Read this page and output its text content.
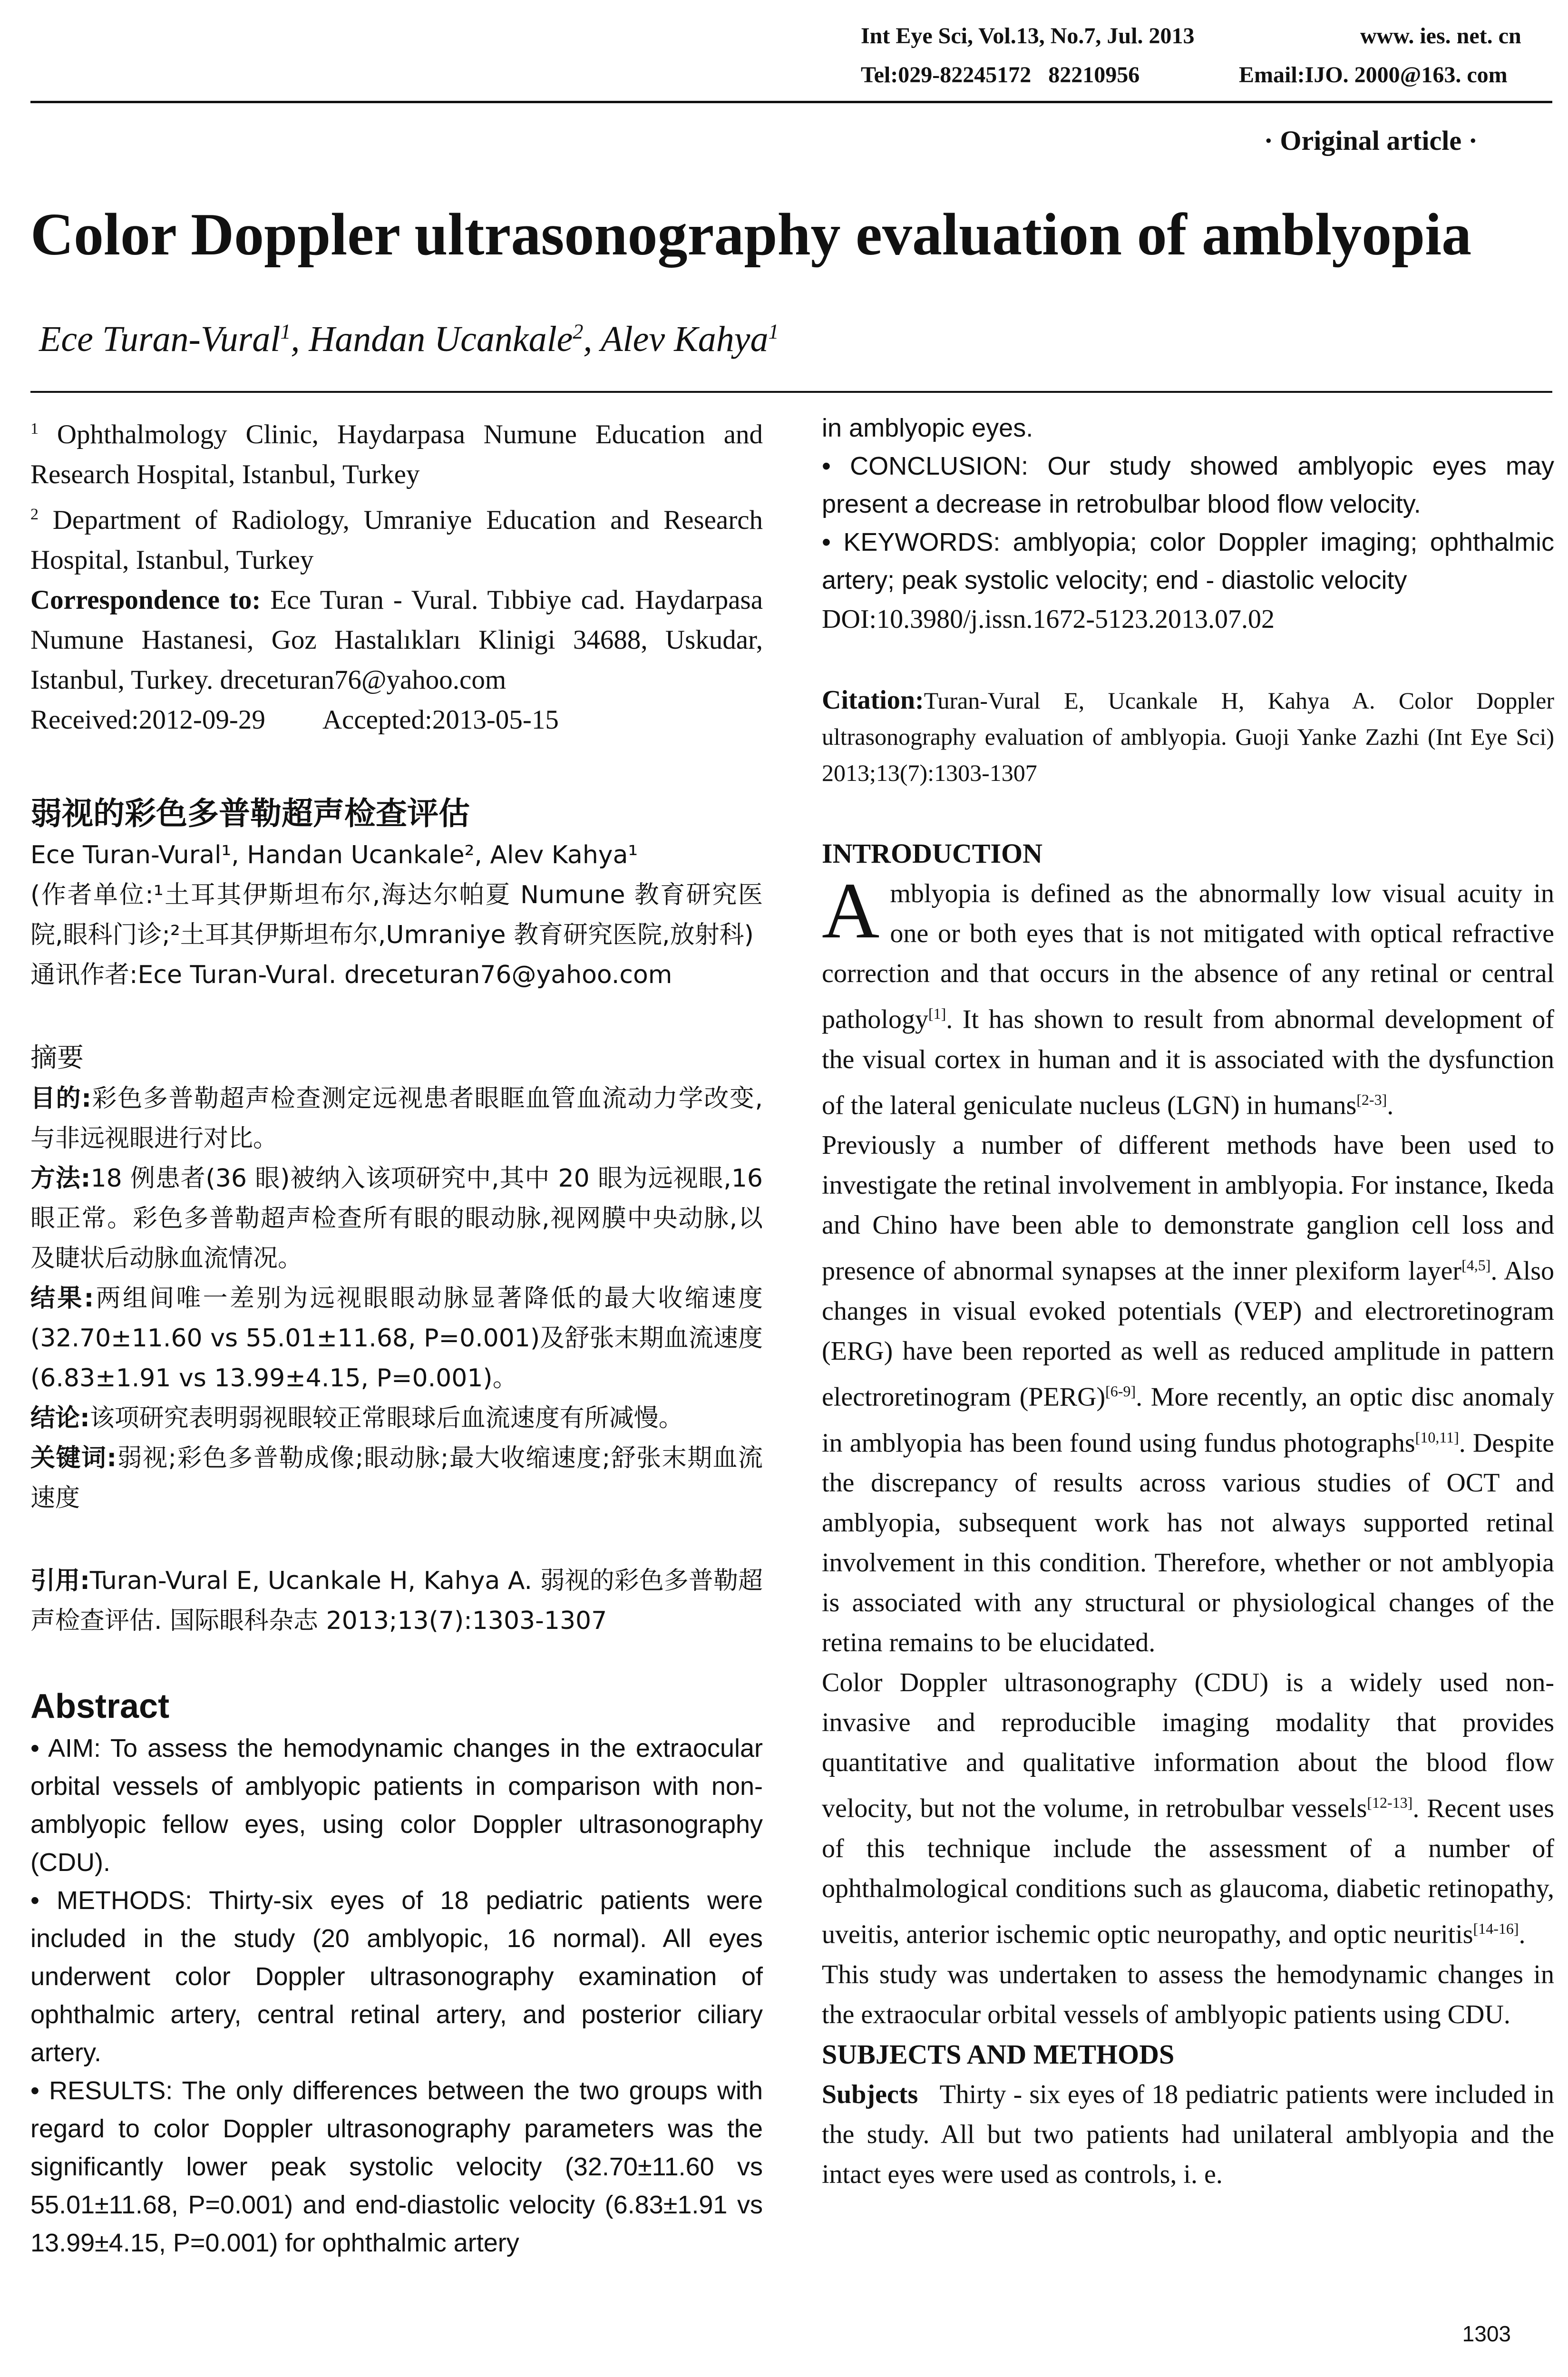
Int Eye Sci, Vol.13, No.7, Jul. 2013	www. ies. net. cn
Tel:029-82245172   82210956	Email:IJO. 2000@163. com
· Original article ·
Color Doppler ultrasonography evaluation of amblyopia
Ece Turan-Vural$^1$, Handan Ucankale$^2$, Alev Kahya$^1$

$^1$ Ophthalmology Clinic, Haydarpasa Numune Education and Research Hospital, Istanbul, Turkey

$^2$ Department of Radiology, Umraniye Education and Research Hospital, Istanbul, Turkey

Correspondence to: Ece Turan - Vural. Tıbbiye cad. Haydarpasa Numune Hastanesi, Goz Hastalıkları Klinigi 34688, Uskudar, Istanbul, Turkey. dreceturan76@yahoo.com

Received:2012-09-29 Accepted:2013-05-15

弱视的彩色多普勒超声检查评估

Ece Turan-Vural¹, Handan Ucankale², Alev Kahya¹

(作者单位:¹土耳其伊斯坦布尔,海达尔帕夏 Numune 教育研究医院,眼科门诊;²土耳其伊斯坦布尔,Umraniye 教育研究医院,放射科)

通讯作者:Ece Turan-Vural. dreceturan76@yahoo.com

摘要

目的:彩色多普勒超声检查测定远视患者眼眶血管血流动力学改变,与非远视眼进行对比。

方法:18 例患者(36 眼)被纳入该项研究中,其中 20 眼为远视眼,16 眼正常。彩色多普勒超声检查所有眼的眼动脉,视网膜中央动脉,以及睫状后动脉血流情况。

结果:两组间唯一差别为远视眼眼动脉显著降低的最大收缩速度(32.70±11.60 vs 55.01±11.68, P=0.001)及舒张末期血流速度(6.83±1.91 vs 13.99±4.15, P=0.001)。

结论:该项研究表明弱视眼较正常眼球后血流速度有所减慢。

关键词:弱视;彩色多普勒成像;眼动脉;最大收缩速度;舒张末期血流速度

引用:Turan-Vural E, Ucankale H, Kahya A. 弱视的彩色多普勒超声检查评估. 国际眼科杂志 2013;13(7):1303-1307

Abstract

• AIM: To assess the hemodynamic changes in the extraocular orbital vessels of amblyopic patients in comparison with non-amblyopic fellow eyes, using color Doppler ultrasonography (CDU).

• METHODS: Thirty-six eyes of 18 pediatric patients were included in the study (20 amblyopic, 16 normal). All eyes underwent color Doppler ultrasonography examination of ophthalmic artery, central retinal artery, and posterior ciliary artery.

• RESULTS: The only differences between the two groups with regard to color Doppler ultrasonography parameters was the significantly lower peak systolic velocity (32.70±11.60 vs 55.01±11.68, P=0.001) and end-diastolic velocity (6.83±1.91 vs 13.99±4.15, P=0.001) for ophthalmic artery

in amblyopic eyes.

• CONCLUSION: Our study showed amblyopic eyes may present a decrease in retrobulbar blood flow velocity.

• KEYWORDS: amblyopia; color Doppler imaging; ophthalmic artery; peak systolic velocity; end - diastolic velocity

DOI:10.3980/j.issn.1672-5123.2013.07.02

Citation:Turan-Vural E, Ucankale H, Kahya A. Color Doppler ultrasonography evaluation of amblyopia. Guoji Yanke Zazhi (Int Eye Sci) 2013;13(7):1303-1307

INTRODUCTION

Amblyopia is defined as the abnormally low visual acuity in one or both eyes that is not mitigated with optical refractive correction and that occurs in the absence of any retinal or central pathology[1]. It has shown to result from abnormal development of the visual cortex in human and it is associated with the dysfunction of the lateral geniculate nucleus (LGN) in humans[2-3].

Previously a number of different methods have been used to investigate the retinal involvement in amblyopia. For instance, Ikeda and Chino have been able to demonstrate ganglion cell loss and presence of abnormal synapses at the inner plexiform layer[4,5]. Also changes in visual evoked potentials (VEP) and electroretinogram (ERG) have been reported as well as reduced amplitude in pattern electroretinogram (PERG)[6-9]. More recently, an optic disc anomaly in amblyopia has been found using fundus photographs[10,11]. Despite the discrepancy of results across various studies of OCT and amblyopia, subsequent work has not always supported retinal involvement in this condition. Therefore, whether or not amblyopia is associated with any structural or physiological changes of the retina remains to be elucidated.

Color Doppler ultrasonography (CDU) is a widely used non-invasive and reproducible imaging modality that provides quantitative and qualitative information about the blood flow velocity, but not the volume, in retrobulbar vessels[12-13]. Recent uses of this technique include the assessment of a number of ophthalmological conditions such as glaucoma, diabetic retinopathy, uveitis, anterior ischemic optic neuropathy, and optic neuritis[14-16].

This study was undertaken to assess the hemodynamic changes in the extraocular orbital vessels of amblyopic patients using CDU.

SUBJECTS AND METHODS

Subjects Thirty - six eyes of 18 pediatric patients were included in the study. All but two patients had unilateral amblyopia and the intact eyes were used as controls, i. e.

1303
